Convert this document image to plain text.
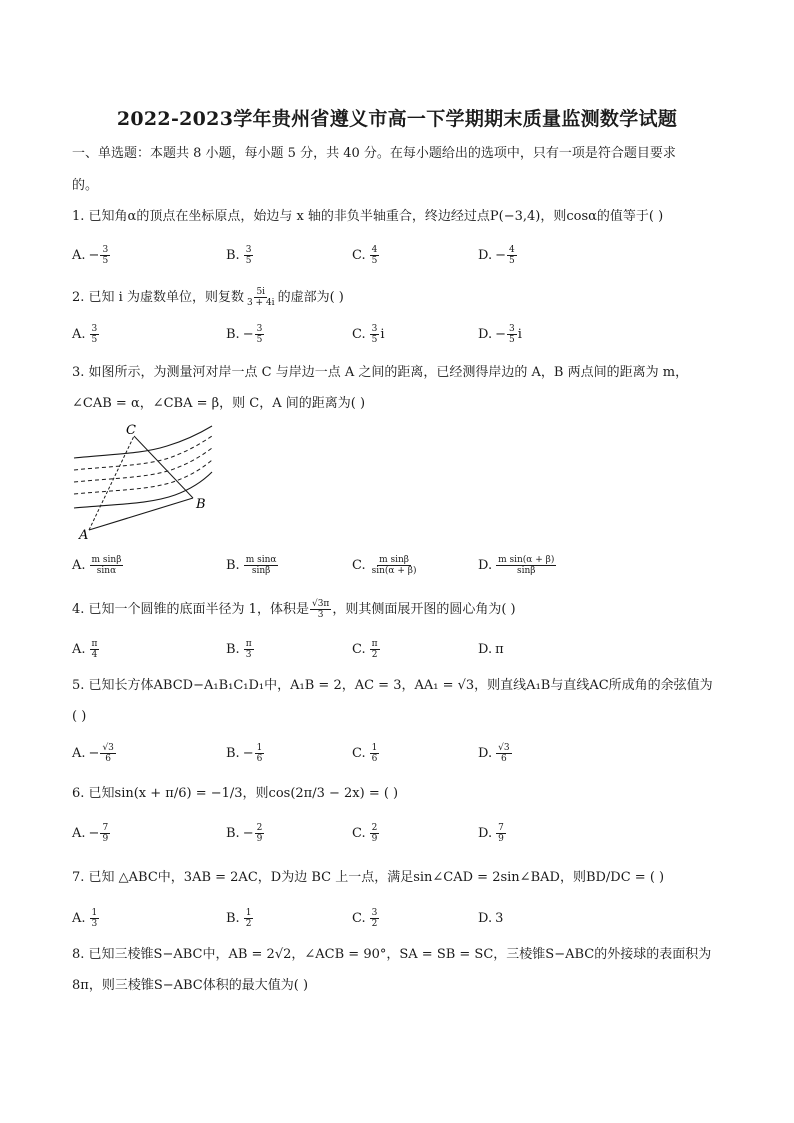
2022-2023学年贵州省遵义市高一下学期期末质量监测数学试题
一、单选题：本题共 8 小题，每小题 5 分，共 40 分。在每小题给出的选项中，只有一项是符合题目要求
的。
1. 已知角α的顶点在坐标原点，始边与 x 轴的非负半轴重合，终边经过点P(−3,4)，则cosα的值等于( )
A. − $\frac{3}{5}$	B. $\frac{3}{5}$	C. $\frac{4}{5}$	D. − $\frac{4}{5}$
2. 已知 i 为虚数单位，则复数 $\frac{5i}{3 + 4i}$ 的虚部为( )
A. $\frac{3}{5}$	B. − $\frac{3}{5}$	C. $\frac{3}{5}$ i	D. − $\frac{3}{5}$ i
3. 如图所示，为测量河对岸一点 C 与岸边一点 A 之间的距离，已经测得岸边的 A，B 两点间的距离为 m，
∠CAB = α，∠CBA = β，则 C，A 间的距离为( )
C
A
B
A. $\frac{\text{m sinβ}}{\sin\alpha}$	B. $\frac{\text{m sinα}}{\sin\beta}$	C. $\frac{\text{m sinβ}}{\sin(\alpha + \beta)}$	D. $\frac{\text{m sin(α + β)}}{\sin\beta}$
4. 已知一个圆锥的底面半径为 1，体积是 $\frac{√3\pi}{3}$ ，则其侧面展开图的圆心角为( )
A. $\frac{\pi}{4}$	B. $\frac{\pi}{3}$	C. $\frac{\pi}{2}$	D. π
5. 已知长方体ABCD−A₁B₁C₁D₁中，A₁B = 2，AC = 3，AA₁ = √3，则直线A₁B与直线AC所成角的余弦值为
( )
A. − $\frac{√3}{6}$	B. − $\frac{1}{6}$	C. $\frac{1}{6}$	D. $\frac{√3}{6}$
6. 已知sin(x + π/6) = −1/3，则cos(2π/3 − 2x) = ( )
A. − $\frac{7}{9}$	B. − $\frac{2}{9}$	C. $\frac{2}{9}$	D. $\frac{7}{9}$
7. 已知 △ABC中，3AB = 2AC，D为边 BC 上一点，满足sin∠CAD = 2sin∠BAD，则BD/DC = ( )
A. $\frac{1}{3}$	B. $\frac{1}{2}$	C. $\frac{3}{2}$	D. 3
8. 已知三棱锥S−ABC中，AB = 2√2，∠ACB = 90°，SA = SB = SC，三棱锥S−ABC的外接球的表面积为
8π，则三棱锥S−ABC体积的最大值为( )
